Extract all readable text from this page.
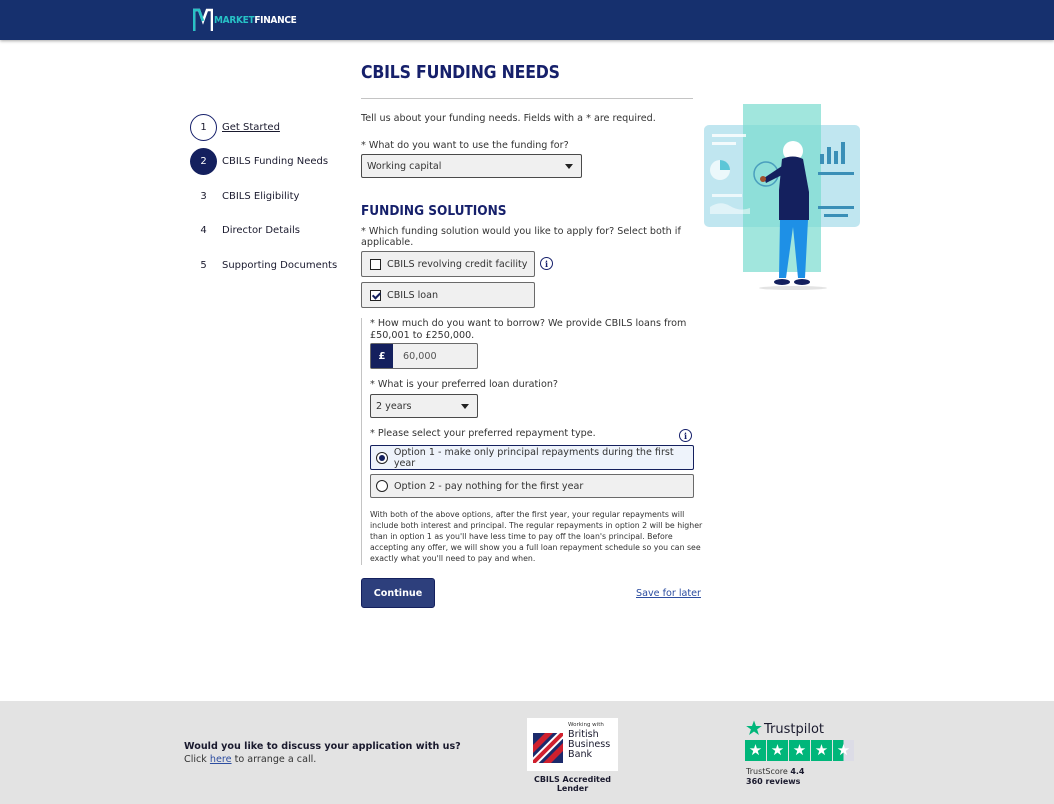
MARKETFINANCE
1	Get Started
2	CBILS Funding Needs
3	CBILS Eligibility
4	Director Details
5	Supporting Documents
CBILS FUNDING NEEDS
Tell us about your funding needs. Fields with a * are required.
* What do you want to use the funding for?
Working capital
FUNDING SOLUTIONS
* Which funding solution would you like to apply for? Select both if
applicable.
CBILS revolving credit facility	i
CBILS loan
* How much do you want to borrow? We provide CBILS loans from
£50,001 to £250,000.
£	60,000
* What is your preferred loan duration?
2 years
* Please select your preferred repayment type.	i
Option 1 - make only principal repayments during the first year
Option 2 - pay nothing for the first year
With both of the above options, after the first year, your regular repayments will
include both interest and principal. The regular repayments in option 2 will be higher
than in option 1 as you'll have less time to pay off the loan's principal. Before
accepting any offer, we will show you a full loan repayment schedule so you can see
exactly what you'll need to pay and when.
Continue	Save for later
Would you like to discuss your application with us?
Click here to arrange a call.
Working with
British
Business
Bank
CBILS Accredited Lender
Trustpilot
★ ★ ★ ★ ★
TrustScore 4.4
360 reviews
